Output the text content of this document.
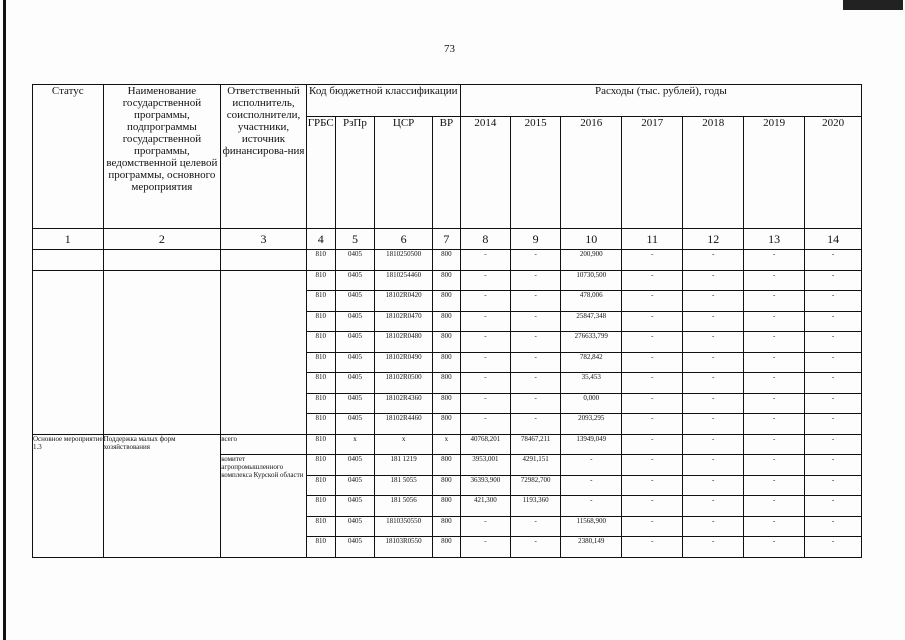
73
Статус	Наименование государственной программы, подпрограммы государственной программы, ведомственной целевой программы, основного мероприятия	Ответственный исполнитель, соисполнители, участники, источник финансирова-ния	Код бюджетной классификации				Расходы (тыс. рублей), годы						
			ГРБС	РзПр	ЦСР	ВР	2014	2015	2016	2017	2018	2019	2020
1	2	3	4	5	6	7	8	9	10	11	12	13	14
			810	0405	1810250500	800	-	-	200,900	-	-	-	-
			810	0405	1810254460	800	-	-	10730,500	-	-	-	-
			810	0405	18102R0420	800	-	-	478,006	-	-	-	-
			810	0405	18102R0470	800	-	-	25847,348	-	-	-	-
			810	0405	18102R0480	800	-	-	276633,799	-	-	-	-
			810	0405	18102R0490	800	-	-	782,842	-	-	-	-
			810	0405	18102R0500	800	-	-	35,453	-	-	-	-
			810	0405	18102R4360	800	-	-	0,000	-	-	-	-
			810	0405	18102R4460	800	-	-	2093,295	-	-	-	-
Основное мероприятие 1.3	Поддержка малых форм хозяйствования	всего	810	x	x	x	40768,201	78467,211	13949,049	-	-	-	-
		комитет агропромышленного комплекса Курской области	810	0405	181 1219	800	3953,001	4291,151	-	-	-	-	-
			810	0405	181 5055	800	36393,900	72982,700	-	-	-	-	-
			810	0405	181 5056	800	421,300	1193,360	-	-	-	-	-
			810	0405	1810350550	800	-	-	11568,900	-	-	-	-
			810	0405	18103R0550	800	-	-	2380,149	-	-	-	-
